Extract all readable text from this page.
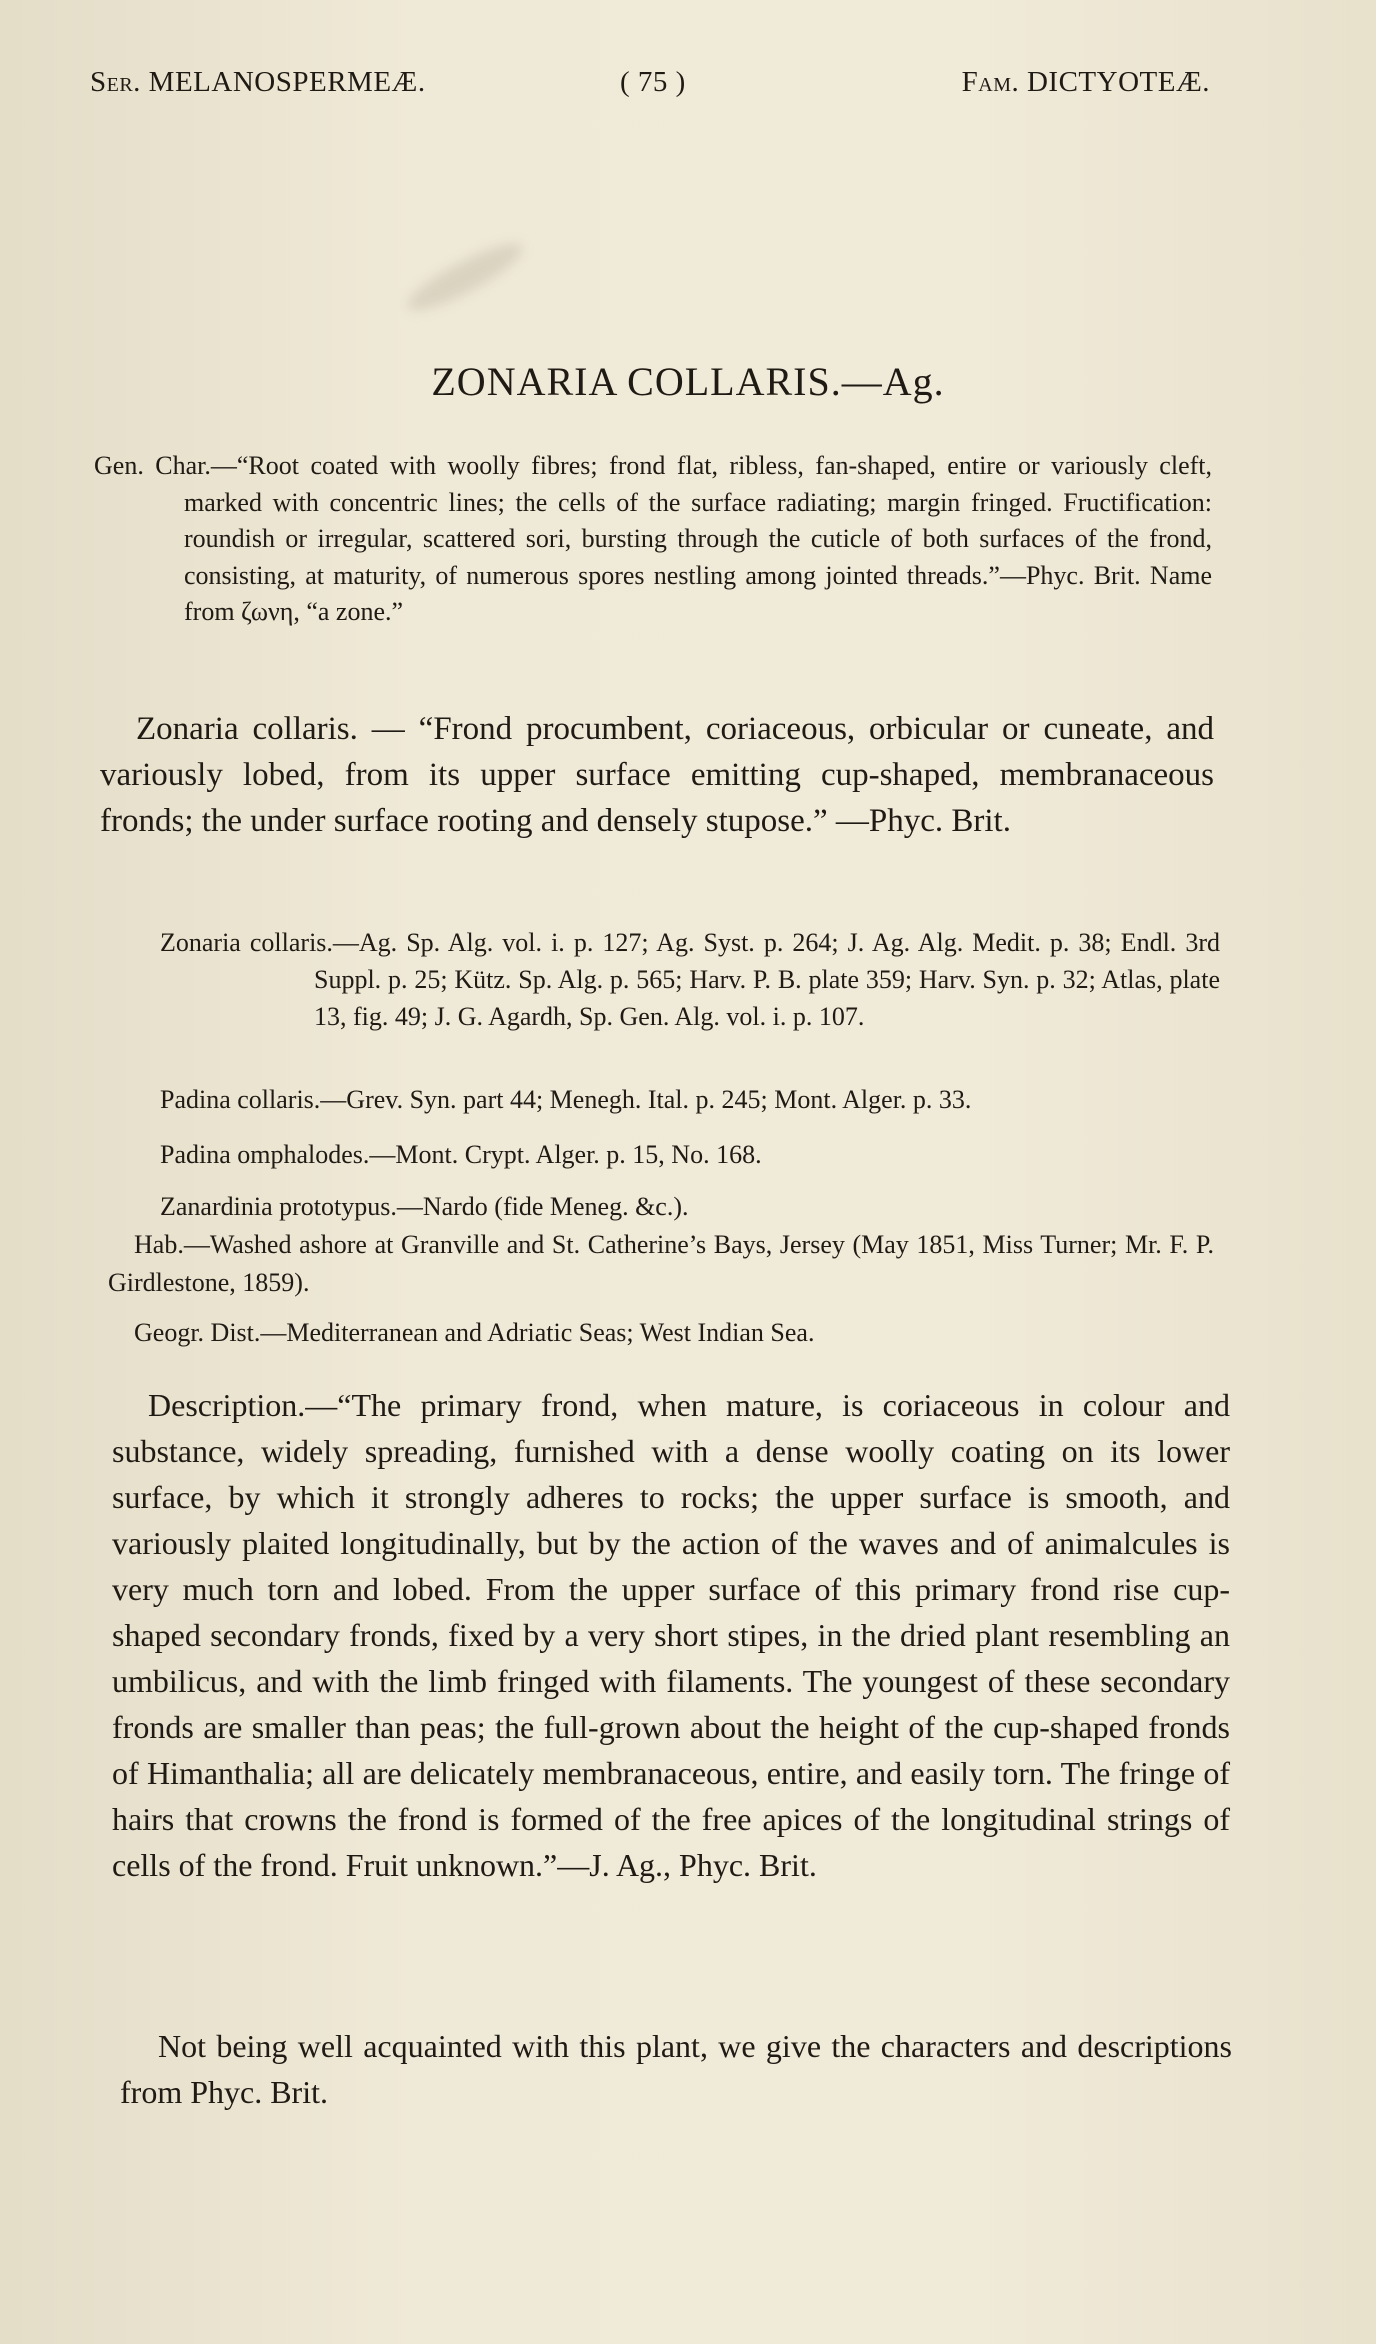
Ser. MELANOSPERMEÆ.	( 75 )	Fam. DICTYOTEÆ.
ZONARIA COLLARIS.—Ag.
Gen. Char.—“Root coated with woolly fibres; frond flat, ribless, fan-shaped, entire or variously cleft, marked with concentric lines; the cells of the surface radiating; margin fringed. Fructification: roundish or irregular, scattered sori, bursting through the cuticle of both surfaces of the frond, consisting, at maturity, of numerous spores nestling among jointed threads.”—Phyc. Brit. Name from ζωνη, “a zone.”

Zonaria collaris. — “Frond procumbent, coriaceous, orbicular or cuneate, and variously lobed, from its upper surface emitting cup-shaped, membranaceous fronds; the under surface rooting and densely stupose.” —Phyc. Brit.

Zonaria collaris.—Ag. Sp. Alg. vol. i. p. 127; Ag. Syst. p. 264; J. Ag. Alg. Medit. p. 38; Endl. 3rd Suppl. p. 25; Kütz. Sp. Alg. p. 565; Harv. P. B. plate 359; Harv. Syn. p. 32; Atlas, plate 13, fig. 49; J. G. Agardh, Sp. Gen. Alg. vol. i. p. 107.

Padina collaris.—Grev. Syn. part 44; Menegh. Ital. p. 245; Mont. Alger. p. 33.

Padina omphalodes.—Mont. Crypt. Alger. p. 15, No. 168.

Zanardinia prototypus.—Nardo (fide Meneg. &c.).

Hab.—Washed ashore at Granville and St. Catherine’s Bays, Jersey (May 1851, Miss Turner; Mr. F. P. Girdlestone, 1859).

Geogr. Dist.—Mediterranean and Adriatic Seas; West Indian Sea.

Description.—“The primary frond, when mature, is coriaceous in colour and substance, widely spreading, furnished with a dense woolly coating on its lower surface, by which it strongly adheres to rocks; the upper surface is smooth, and variously plaited longitudinally, but by the action of the waves and of animalcules is very much torn and lobed. From the upper surface of this primary frond rise cup-shaped secondary fronds, fixed by a very short stipes, in the dried plant resembling an umbilicus, and with the limb fringed with filaments. The youngest of these secondary fronds are smaller than peas; the full-grown about the height of the cup-shaped fronds of Himanthalia; all are delicately membranaceous, entire, and easily torn. The fringe of hairs that crowns the frond is formed of the free apices of the longitudinal strings of cells of the frond. Fruit unknown.”—J. Ag., Phyc. Brit.

Not being well acquainted with this plant, we give the characters and descriptions from Phyc. Brit.
